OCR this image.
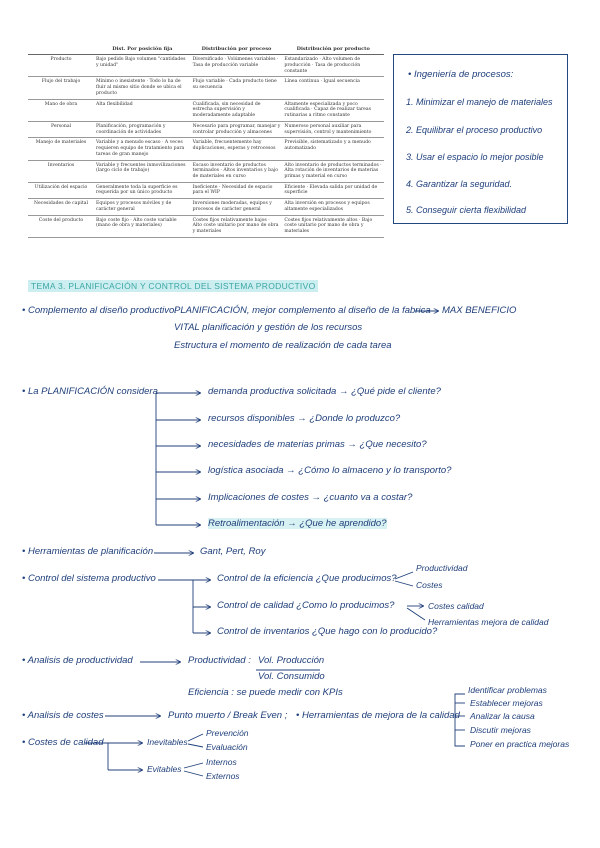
	Dist. Por posición fija	Distribución por proceso	Distribución por producto
Producto	Bajo pedido Bajo volumen "cantidades y unidad"	Diversificado · Volúmenes variables · Tasa de producción variable	Estandarizado · Alto volumen de producción · Tasa de producción constante
Flujo del trabajo	Mínimo o inexistente · Todo lo ha de fluir al mismo sitio donde se ubica el producto	Flujo variable · Cada producto tiene su secuencia	Línea continua · Igual secuencia
Mano de obra	Alta flexibilidad	Cualificada, sin necesidad de estrecha supervisión y moderadamente adaptable	Altamente especializada y poco cualificada · Capaz de realizar tareas rutinarias a ritmo constante
Personal	Planificación, programación y coordinación de actividades	Necesario para programar, manejar y controlar producción y almacenes	Numeroso personal auxiliar para supervisión, control y mantenimiento
Manejo de materiales	Variable y a menudo escaso · A veces requieren equipo de tratamiento para tareas de gran manejo	Variable, frecuentemente hay duplicaciones, esperas y retrocesos	Previsible, sistematizado y a menudo automatizado
Inventarios	Variable y frecuentes inmovilizaciones (largo ciclo de trabajo)	Escaso inventario de productos terminados · Altos inventarios y bajo de materiales en curso	Alto inventario de productos terminados · Alta rotación de inventarios de materias primas y material en curso
Utilización del espacio	Generalmente toda la superficie es requerida por un único producto	Ineficiente · Necesidad de espacio para el WIP	Eficiente · Elevada salida por unidad de superficie
Necesidades de capital	Equipos y procesos móviles y de carácter general	Inversiones moderadas, equipos y procesos de carácter general	Alta inversión en procesos y equipos altamente especializados
Coste del producto	Bajo coste fijo · Alto coste variable (mano de obra y materiales)	Costes fijos relativamente bajos · Alto coste unitario por mano de obra y materiales	Costes fijos relativamente altos · Bajo coste unitario por mano de obra y materiales
• Ingeniería de procesos:
1. Minimizar el manejo de materiales
2. Equilibrar el proceso productivo
3. Usar el espacio lo mejor posible
4. Garantizar la seguridad.
5. Conseguir cierta flexibilidad
TEMA 3. PLANIFICACIÓN Y CONTROL DEL SISTEMA PRODUCTIVO
• Complemento al diseño productivo:
PLANIFICACIÓN, mejor complemento al diseño de la fabrica MAX BENEFICIO
VITAL planificación y gestión de los recursos
Estructura el momento de realización de cada tarea
• La PLANIFICACIÓN considera	demanda productiva solicitada → ¿Qué pide el cliente?
recursos disponibles → ¿Donde lo produzco?
necesidades de materias primas → ¿Que necesito?
logística asociada → ¿Cómo lo almaceno y lo transporto?
Implicaciones de costes → ¿cuanto va a costar?
Retroalimentación → ¿Que he aprendido?
• Herramientas de planificación	Gant, Pert, Roy
• Control del sistema productivo	Control de la eficiencia ¿Que producimos?
Control de calidad ¿Como lo producimos?
Control de inventarios ¿Que hago con lo producido?
Productividad
Costes
Costes calidad
Herramientas mejora de calidad
• Analisis de productividad	Productividad : Vol. Producción
Vol. Consumido
Eficiencia : se puede medir con KPIs
• Analisis de costes	Punto muerto / Break Even ; • Herramientas de mejora de la calidad
Identificar problemas
Establecer mejoras
Analizar la causa
Discutir mejoras
Poner en practica mejoras
• Costes de calidad	Inevitables
Prevención
Evaluación
Evitables
Internos
Externos
